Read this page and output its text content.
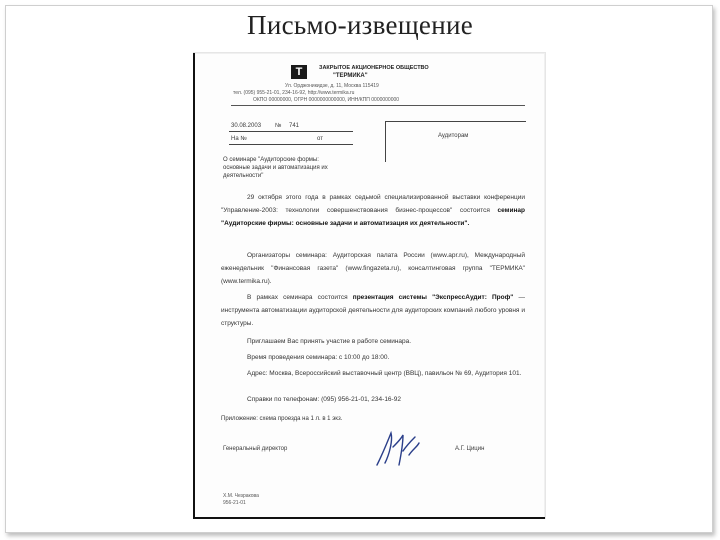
Письмо-извещение
Т	ЗАКРЫТОЕ АКЦИОНЕРНОЕ ОБЩЕСТВО
"ТЕРМИКА"
Ул. Орджоникидзе, д. 11, Москва 115419
тел. (095) 955-21-01, 234-16-92, http://www.termika.ru
ОКПО 00000000, ОГРН 0000000000000, ИНН/КПП 0000000000
30.08.2003 № 741
На №	от	Аудиторам
О семинаре "Аудиторские формы: основные задачи и автоматизация их деятельности"
29 октября этого года в рамках седьмой специализированной выставки конференции "Управление-2003: технологии совершенствования бизнес-процессов" состоится семинар "Аудиторские фирмы: основные задачи и автоматизация их деятельности".
Организаторы семинара: Аудиторская палата России (www.apr.ru), Международный еженедельник "Финансовая газета" (www.fingazeta.ru), консалтинговая группа "ТЕРМИКА" (www.termika.ru).
В рамках семинара состоится презентация системы "ЭкспрессАудит: Проф" — инструмента автоматизации аудиторской деятельности для аудиторских компаний любого уровня и структуры.
Приглашаем Вас принять участие в работе семинара.
Время проведения семинара: с 10:00 до 18:00.
Адрес: Москва, Всероссийский выставочный центр (ВВЦ), павильон № 69, Аудитория 101.
Справки по телефонам: (095) 956-21-01, 234-16-92
Приложение: схема проезда на 1 л. в 1 экз.
Генеральный директор	А.Г. Цицин
Х.М. Чезракова
956-21-01
